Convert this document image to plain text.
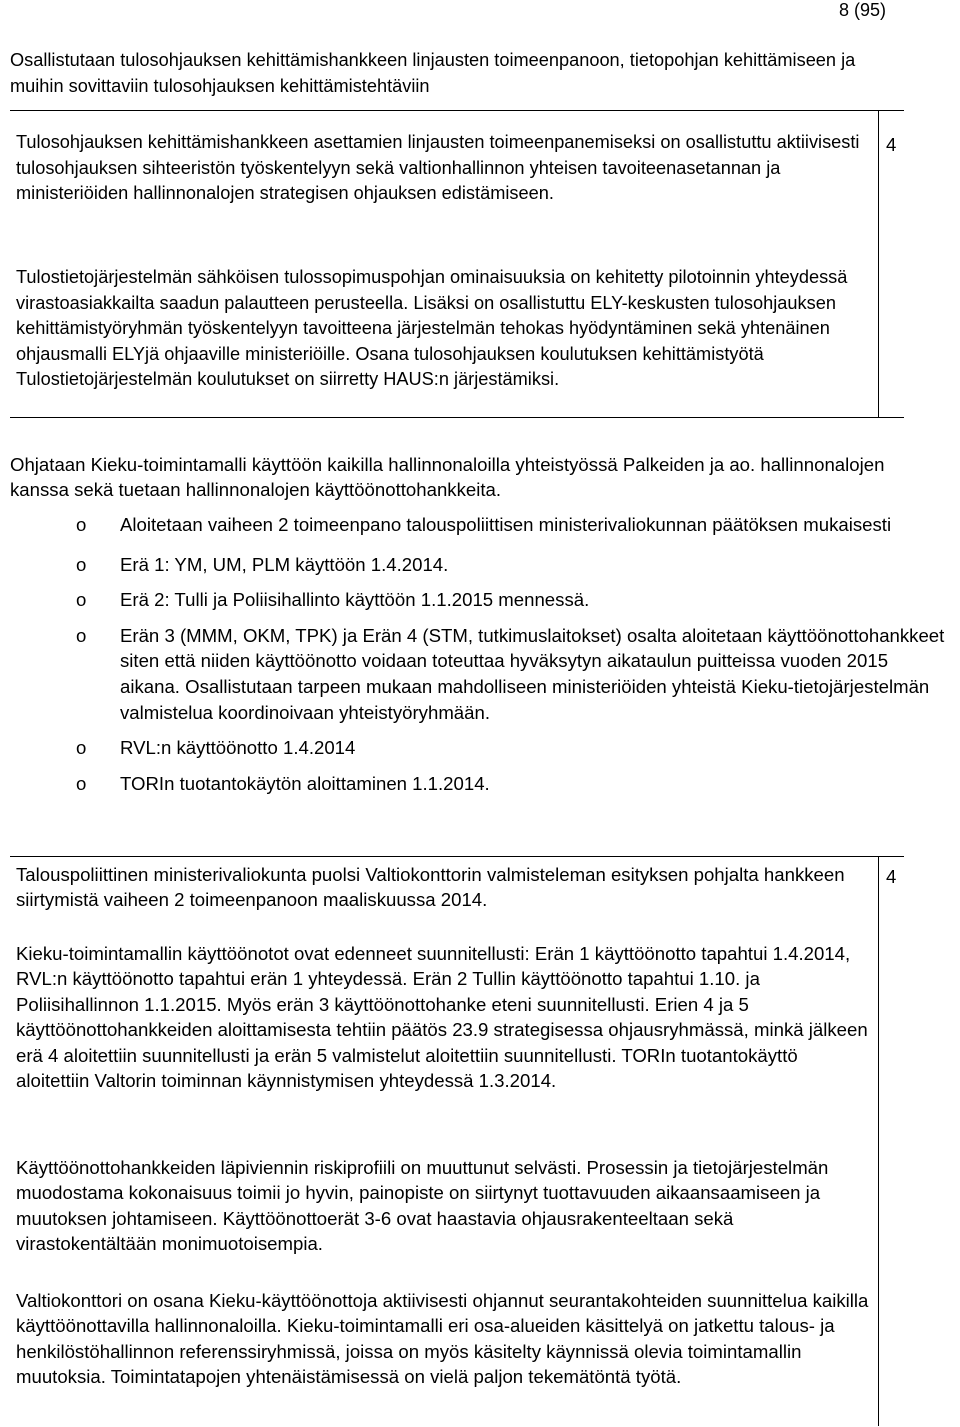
8 (95)

Osallistutaan tulosohjauksen kehittämishankkeen linjausten toimeenpanoon, tietopohjan kehittämiseen ja muihin sovittaviin tulosohjauksen kehittämistehtäviin

Tulosohjauksen kehittämishankkeen asettamien linjausten toimeenpanemiseksi on osallistuttu aktiivisesti tulosohjauksen sihteeristön työskentelyyn sekä valtionhallinnon yhteisen tavoiteenasetannan ja ministeriöiden hallinnonalojen strategisen ohjauksen edistämiseen.

Tulostietojärjestelmän sähköisen tulossopimuspohjan ominaisuuksia on kehitetty pilotoinnin yhteydessä virastoasiakkailta saadun palautteen perusteella. Lisäksi on osallistuttu ELY-keskusten tulosohjauksen kehittämistyöryhmän työskentelyyn tavoitteena järjestelmän tehokas hyödyntäminen sekä yhtenäinen ohjausmalli ELYjä ohjaaville ministeriöille. Osana tulosohjauksen koulutuksen kehittämistyötä Tulostietojärjestelmän koulutukset on siirretty HAUS:n järjestämiksi.

4

Ohjataan Kieku-toimintamalli käyttöön kaikilla hallinnonaloilla yhteistyössä Palkeiden ja ao. hallinnonalojen kanssa sekä tuetaan hallinnonalojen käyttöönottohankkeita.

o Aloitetaan vaiheen 2 toimeenpano talouspoliittisen ministerivaliokunnan päätöksen mukaisesti
o Erä 1: YM, UM, PLM käyttöön 1.4.2014.
o Erä 2: Tulli ja Poliisihallinto käyttöön 1.1.2015 mennessä.
o Erän 3 (MMM, OKM, TPK) ja Erän 4 (STM, tutkimuslaitokset) osalta aloitetaan käyttöönottohankkeet siten että niiden käyttöönotto voidaan toteuttaa hyväksytyn aikataulun puitteissa vuoden 2015 aikana. Osallistutaan tarpeen mukaan mahdolliseen ministeriöiden yhteistä Kieku-tietojärjestelmän valmistelua koordinoivaan yhteistyöryhmään.
o RVL:n käyttöönotto 1.4.2014
o TORIn tuotantokäytön aloittaminen 1.1.2014.

Talouspoliittinen ministerivaliokunta puolsi Valtiokonttorin valmisteleman esityksen pohjalta hankkeen siirtymistä vaiheen 2 toimeenpanoon maaliskuussa 2014.

Kieku-toimintamallin käyttöönotot ovat edenneet suunnitellusti: Erän 1 käyttöönotto tapahtui 1.4.2014, RVL:n käyttöönotto tapahtui erän 1 yhteydessä. Erän 2 Tullin käyttöönotto tapahtui 1.10. ja Poliisihallinnon 1.1.2015. Myös erän 3 käyttöönottohanke eteni suunnitellusti. Erien 4 ja 5 käyttöönottohankkeiden aloittamisesta tehtiin päätös 23.9 strategisessa ohjausryhmässä, minkä jälkeen erä 4 aloitettiin suunnitellusti ja erän 5 valmistelut aloitettiin suunnitellusti. TORIn tuotantokäyttö aloitettiin Valtorin toiminnan käynnistymisen yhteydessä 1.3.2014.

Käyttöönottohankkeiden läpiviennin riskiprofiili on muuttunut selvästi. Prosessin ja tietojärjestelmän muodostama kokonaisuus toimii jo hyvin, painopiste on siirtynyt tuottavuuden aikaansaamiseen ja muutoksen johtamiseen. Käyttöönottoerät 3-6 ovat haastavia ohjausrakenteeltaan sekä virastokentältään monimuotoisempia.

Valtiokonttori on osana Kieku-käyttöönottoja aktiivisesti ohjannut seurantakohteiden suunnittelua kaikilla käyttöönottavilla hallinnonaloilla. Kieku-toimintamalli eri osa-alueiden käsittelyä on jatkettu talous- ja henkilöstöhallinnon referenssiryhmissä, joissa on myös käsitelty käynnissä olevia toimintamallin muutoksia. Toimintatapojen yhtenäistämisessä on vielä paljon tekemätöntä työtä.

4
